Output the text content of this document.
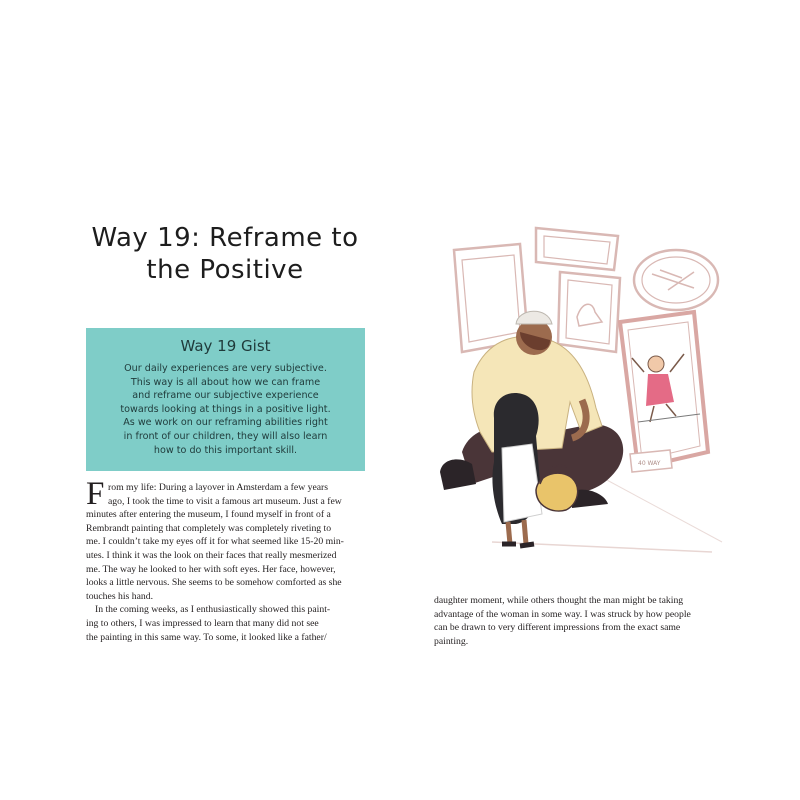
Way 19: Reframe to
the Positive
Way 19 Gist
Our daily experiences are very subjective.
This way is all about how we can frame
and reframe our subjective experience
towards looking at things in a positive light.
As we work on our reframing abilities right
in front of our children, they will also learn
how to do this important skill.
F rom my life: During a layover in Amsterdam a few years
ago, I took the time to visit a famous art museum. Just a few
minutes after entering the museum, I found myself in front of a
Rembrandt painting that completely was completely riveting to
me. I couldn’t take my eyes off it for what seemed like 15-20 min-
utes. I think it was the look on their faces that really mesmerized
me. The way he looked to her with soft eyes. Her face, however,
looks a little nervous. She seems to be somehow comforted as she
touches his hand.
In the coming weeks, as I enthusiastically showed this paint-
ing to others, I was impressed to learn that many did not see
the painting in this same way. To some, it looked like a father/
daughter moment, while others thought the man might be taking
advantage of the woman in some way. I was struck by how people
can be drawn to very different impressions from the exact same
painting.
40 WAY
